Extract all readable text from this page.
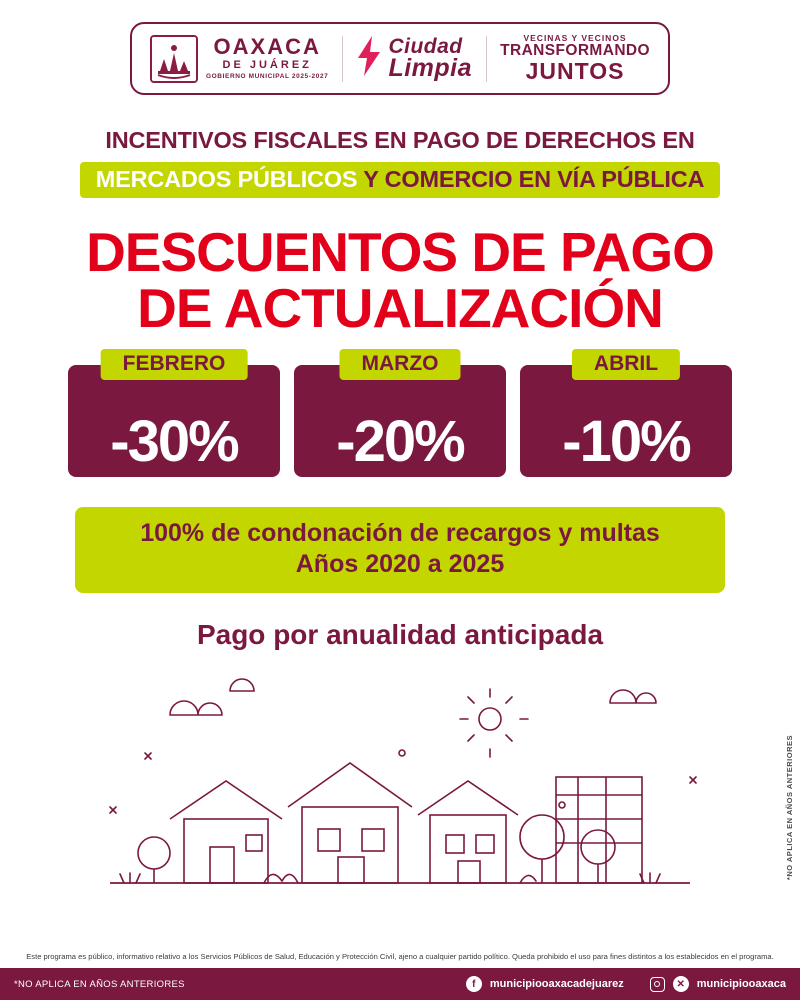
OAXACA
DE JUÁREZ
GOBIERNO MUNICIPAL 2025-2027
Ciudad
Limpia
VECINAS Y VECINOS
TRANSFORMANDO
JUNTOS
INCENTIVOS FISCALES EN PAGO DE DERECHOS EN
MERCADOS PÚBLICOS Y COMERCIO EN VÍA PÚBLICA
DESCUENTOS DE PAGO
DE ACTUALIZACIÓN
FEBRERO
-30%
MARZO
-20%
ABRIL
-10%
100% de condonación de recargos y multas
Años 2020 a 2025
Pago por anualidad anticipada
*NO APLICA EN AÑOS ANTERIORES
Este programa es público, informativo relativo a los Servicios Públicos de Salud, Educación y Protección Civil, ajeno a cualquier partido político. Queda prohibido el uso para fines distintos a los establecidos en el programa.
*NO APLICA EN AÑOS ANTERIORES	f	municipiooaxacadejuarez	✕	municipiooaxaca
